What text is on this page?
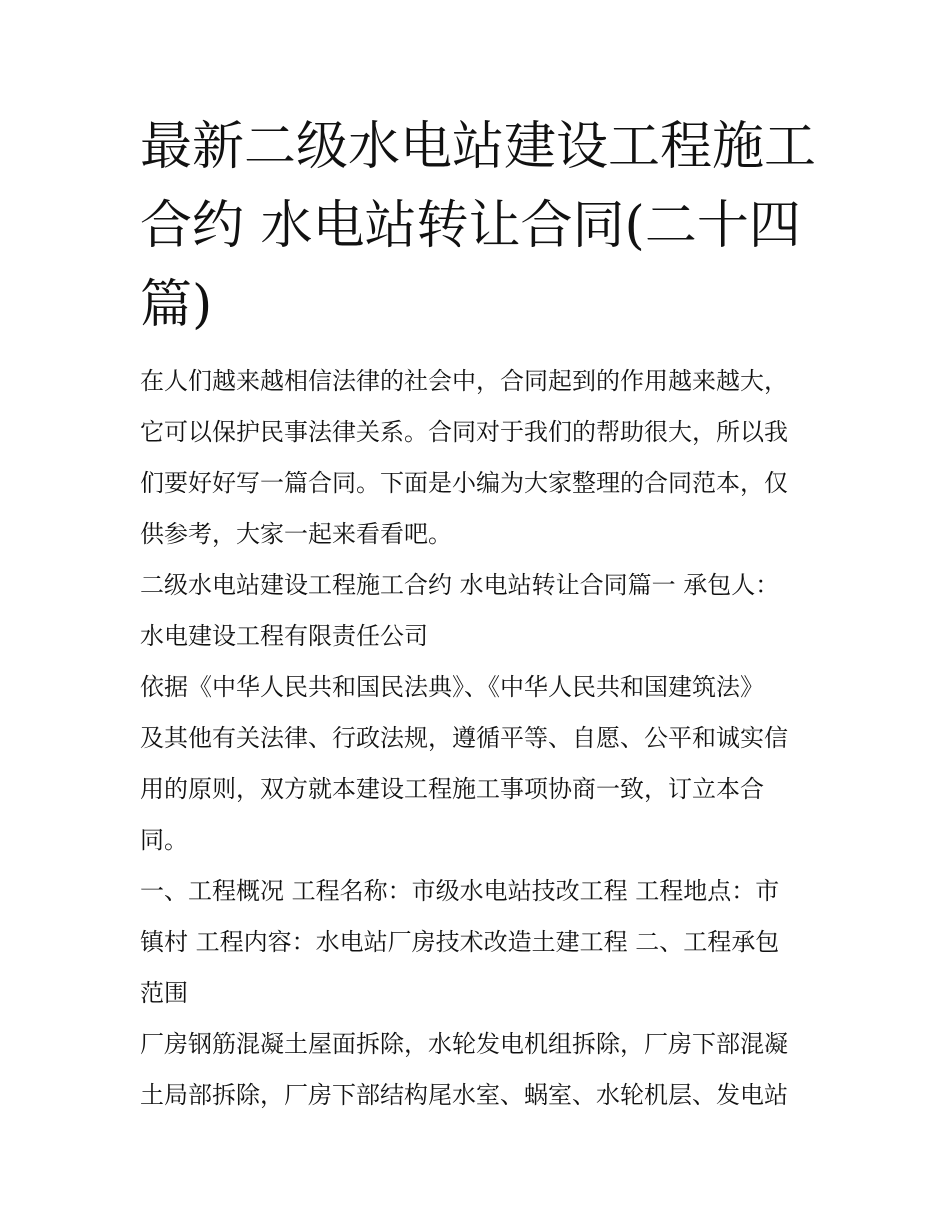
最新二级水电站建设工程施工
合约 水电站转让合同(二十四
篇)
在人们越来越相信法律的社会中，合同起到的作用越来越大，
它可以保护民事法律关系。合同对于我们的帮助很大，所以我
们要好好写一篇合同。下面是小编为大家整理的合同范本，仅
供参考，大家一起来看看吧。
二级水电站建设工程施工合约 水电站转让合同篇一 承包人：
水电建设工程有限责任公司
依据《中华人民共和国民法典》、《中华人民共和国建筑法》
及其他有关法律、行政法规，遵循平等、自愿、公平和诚实信
用的原则，双方就本建设工程施工事项协商一致，订立本合
同。
一、工程概况 工程名称：市级水电站技改工程 工程地点：市
镇村 工程内容：水电站厂房技术改造土建工程 二、工程承包
范围
厂房钢筋混凝土屋面拆除，水轮发电机组拆除，厂房下部混凝
土局部拆除，厂房下部结构尾水室、蜗室、水轮机层、发电站
